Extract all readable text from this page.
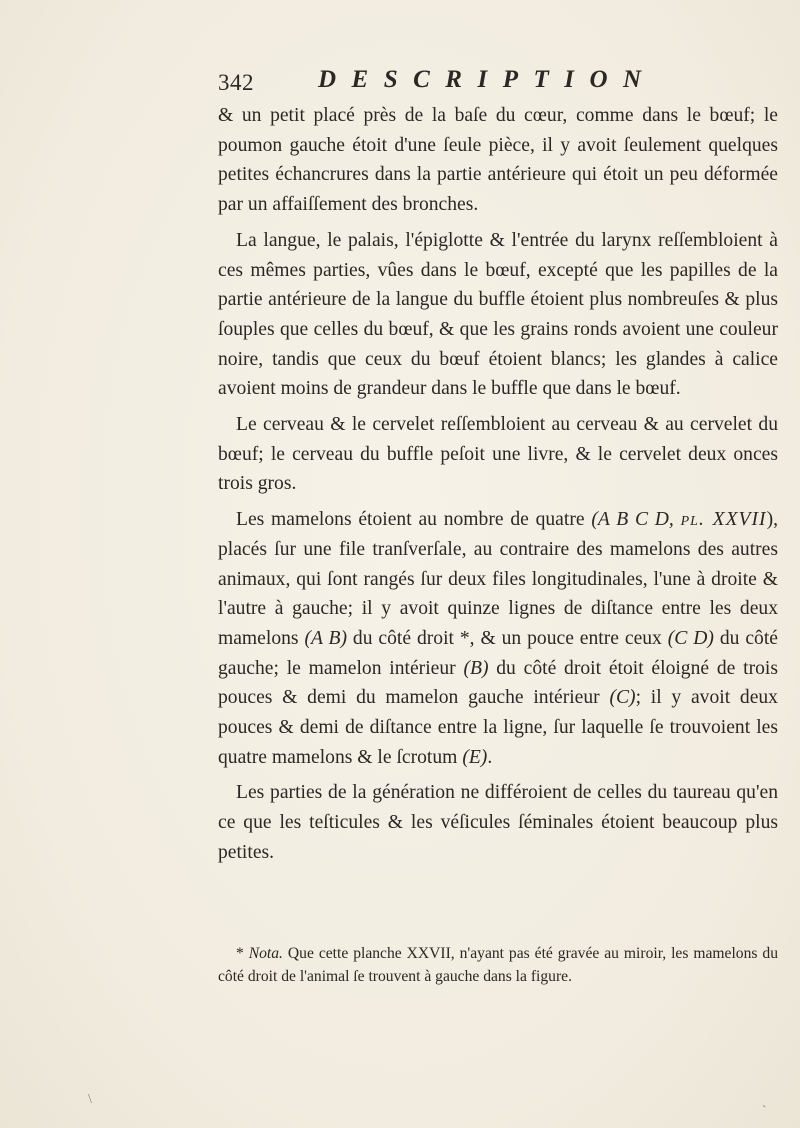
342	DESCRIPTION

& un petit placé près de la baſe du cœur, comme dans le bœuf; le poumon gauche étoit d'une ſeule pièce, il y avoit ſeulement quelques petites échancrures dans la partie antérieure qui étoit un peu déformée par un affaiſſement des bronches.

La langue, le palais, l'épiglotte & l'entrée du larynx reſſembloient à ces mêmes parties, vûes dans le bœuf, excepté que les papilles de la partie antérieure de la langue du buffle étoient plus nombreuſes & plus ſouples que celles du bœuf, & que les grains ronds avoient une couleur noire, tandis que ceux du bœuf étoient blancs; les glandes à calice avoient moins de grandeur dans le buffle que dans le bœuf.

Le cerveau & le cervelet reſſembloient au cerveau & au cervelet du bœuf; le cerveau du buffle peſoit une livre, & le cervelet deux onces trois gros.

Les mamelons étoient au nombre de quatre (A B C D, pl. XXVII), placés ſur une file tranſverſale, au contraire des mamelons des autres animaux, qui ſont rangés ſur deux files longitudinales, l'une à droite & l'autre à gauche; il y avoit quinze lignes de diſtance entre les deux mamelons (A B) du côté droit *, & un pouce entre ceux (C D) du côté gauche; le mamelon intérieur (B) du côté droit étoit éloigné de trois pouces & demi du mamelon gauche intérieur (C); il y avoit deux pouces & demi de diſtance entre la ligne, ſur laquelle ſe trouvoient les quatre mamelons & le ſcrotum (E).

Les parties de la génération ne différoient de celles du taureau qu'en ce que les teſticules & les véſicules ſéminales étoient beaucoup plus petites.

* Nota. Que cette planche XXVII, n'ayant pas été gravée au miroir, les mamelons du côté droit de l'animal ſe trouvent à gauche dans la figure.
\
ˋ
